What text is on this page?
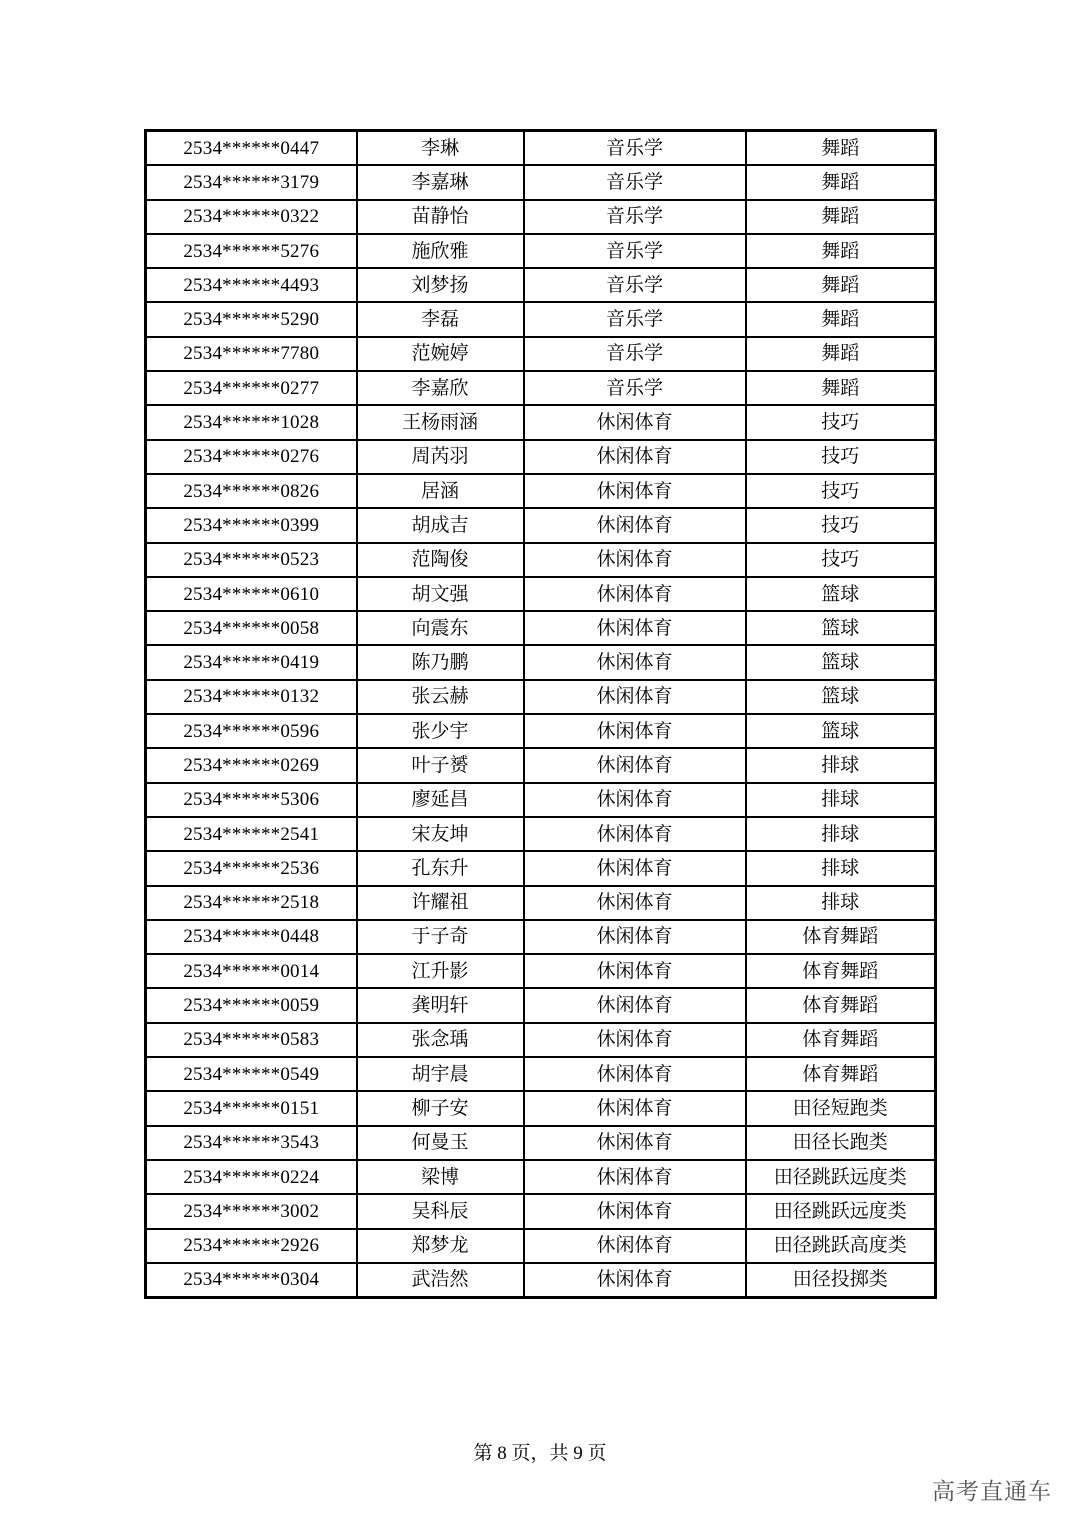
2534******0447	李琳	音乐学	舞蹈
2534******3179	李嘉琳	音乐学	舞蹈
2534******0322	苗静怡	音乐学	舞蹈
2534******5276	施欣雅	音乐学	舞蹈
2534******4493	刘梦扬	音乐学	舞蹈
2534******5290	李磊	音乐学	舞蹈
2534******7780	范婉婷	音乐学	舞蹈
2534******0277	李嘉欣	音乐学	舞蹈
2534******1028	王杨雨涵	休闲体育	技巧
2534******0276	周芮羽	休闲体育	技巧
2534******0826	居涵	休闲体育	技巧
2534******0399	胡成吉	休闲体育	技巧
2534******0523	范陶俊	休闲体育	技巧
2534******0610	胡文强	休闲体育	篮球
2534******0058	向震东	休闲体育	篮球
2534******0419	陈乃鹏	休闲体育	篮球
2534******0132	张云赫	休闲体育	篮球
2534******0596	张少宇	休闲体育	篮球
2534******0269	叶子赟	休闲体育	排球
2534******5306	廖延昌	休闲体育	排球
2534******2541	宋友坤	休闲体育	排球
2534******2536	孔东升	休闲体育	排球
2534******2518	许耀祖	休闲体育	排球
2534******0448	于子奇	休闲体育	体育舞蹈
2534******0014	江升影	休闲体育	体育舞蹈
2534******0059	龚明轩	休闲体育	体育舞蹈
2534******0583	张念瑀	休闲体育	体育舞蹈
2534******0549	胡宇晨	休闲体育	体育舞蹈
2534******0151	柳子安	休闲体育	田径短跑类
2534******3543	何曼玉	休闲体育	田径长跑类
2534******0224	梁博	休闲体育	田径跳跃远度类
2534******3002	吴科辰	休闲体育	田径跳跃远度类
2534******2926	郑梦龙	休闲体育	田径跳跃高度类
2534******0304	武浩然	休闲体育	田径投掷类
第 8 页，共 9 页
高考直通车
